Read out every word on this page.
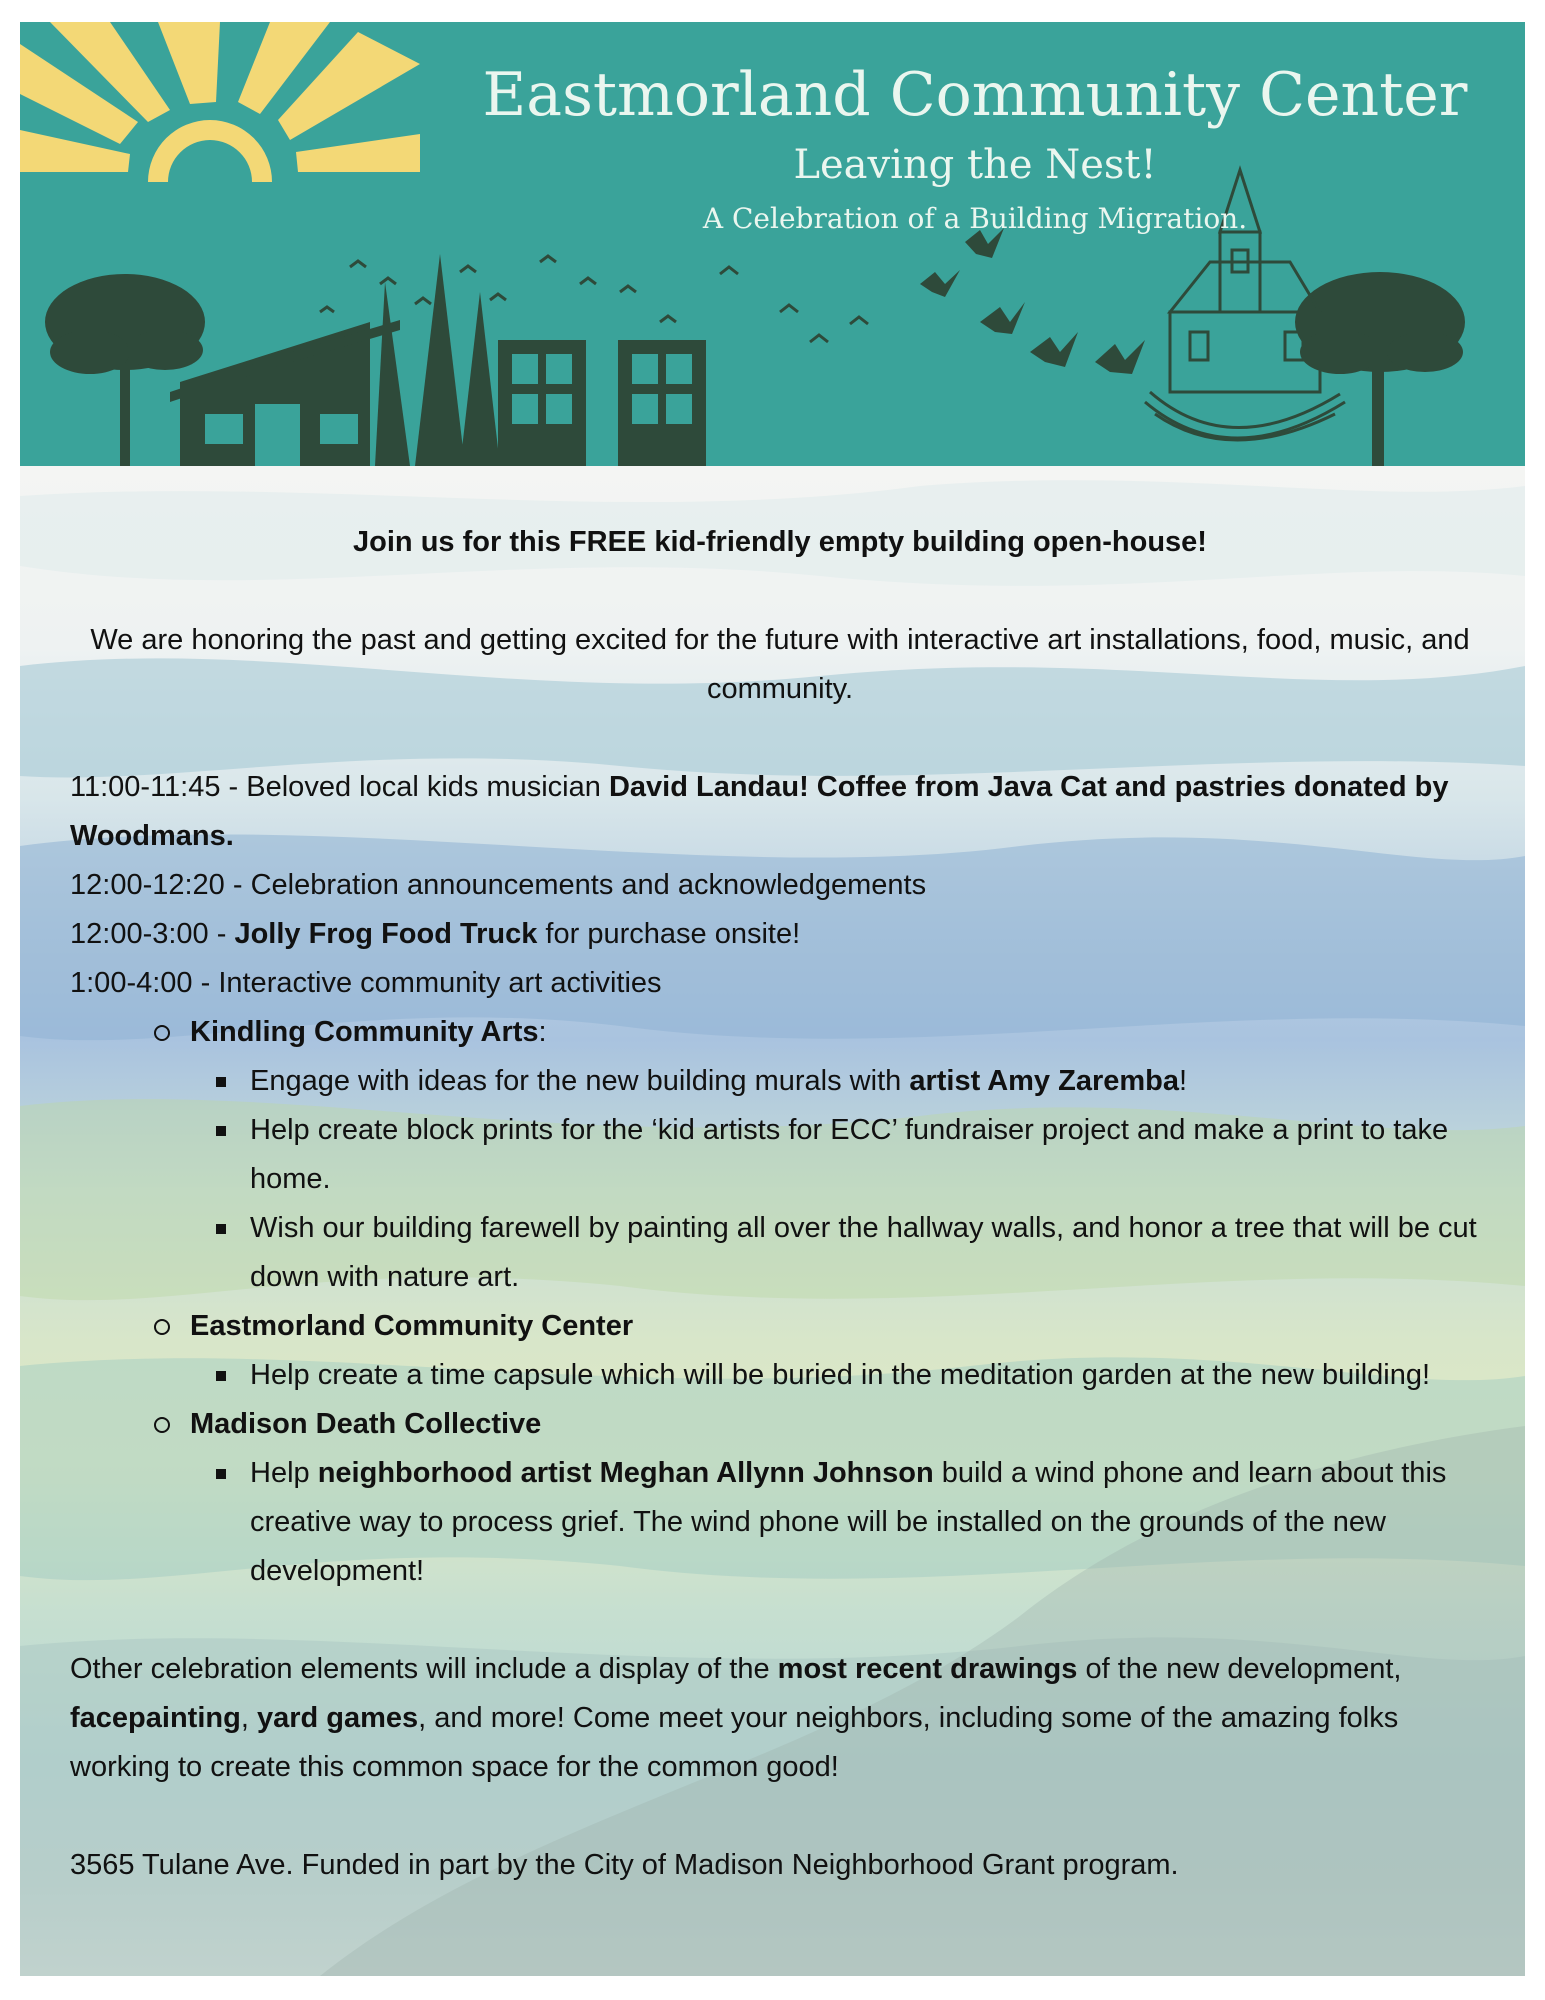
Eastmorland Community Center
Leaving the Nest!
A Celebration of a Building Migration.

Join us for this FREE kid-friendly empty building open-house!

We are honoring the past and getting excited for the future with interactive art installations, food, music, and community.

11:00-11:45 - Beloved local kids musician David Landau! Coffee from Java Cat and pastries donated by Woodmans.

12:00-12:20 - Celebration announcements and acknowledgements

12:00-3:00 - Jolly Frog Food Truck for purchase onsite!

1:00-4:00 - Interactive community art activities

Kindling Community Arts:
Engage with ideas for the new building murals with artist Amy Zaremba!
Help create block prints for the ‘kid artists for ECC’ fundraiser project and make a print to take home.
Wish our building farewell by painting all over the hallway walls, and honor a tree that will be cut down with nature art.
Eastmorland Community Center
Help create a time capsule which will be buried in the meditation garden at the new building!
Madison Death Collective
Help neighborhood artist Meghan Allynn Johnson build a wind phone and learn about this creative way to process grief. The wind phone will be installed on the grounds of the new development!

Other celebration elements will include a display of the most recent drawings of the new development, facepainting, yard games, and more! Come meet your neighbors, including some of the amazing folks working to create this common space for the common good!

3565 Tulane Ave. Funded in part by the City of Madison Neighborhood Grant program.
